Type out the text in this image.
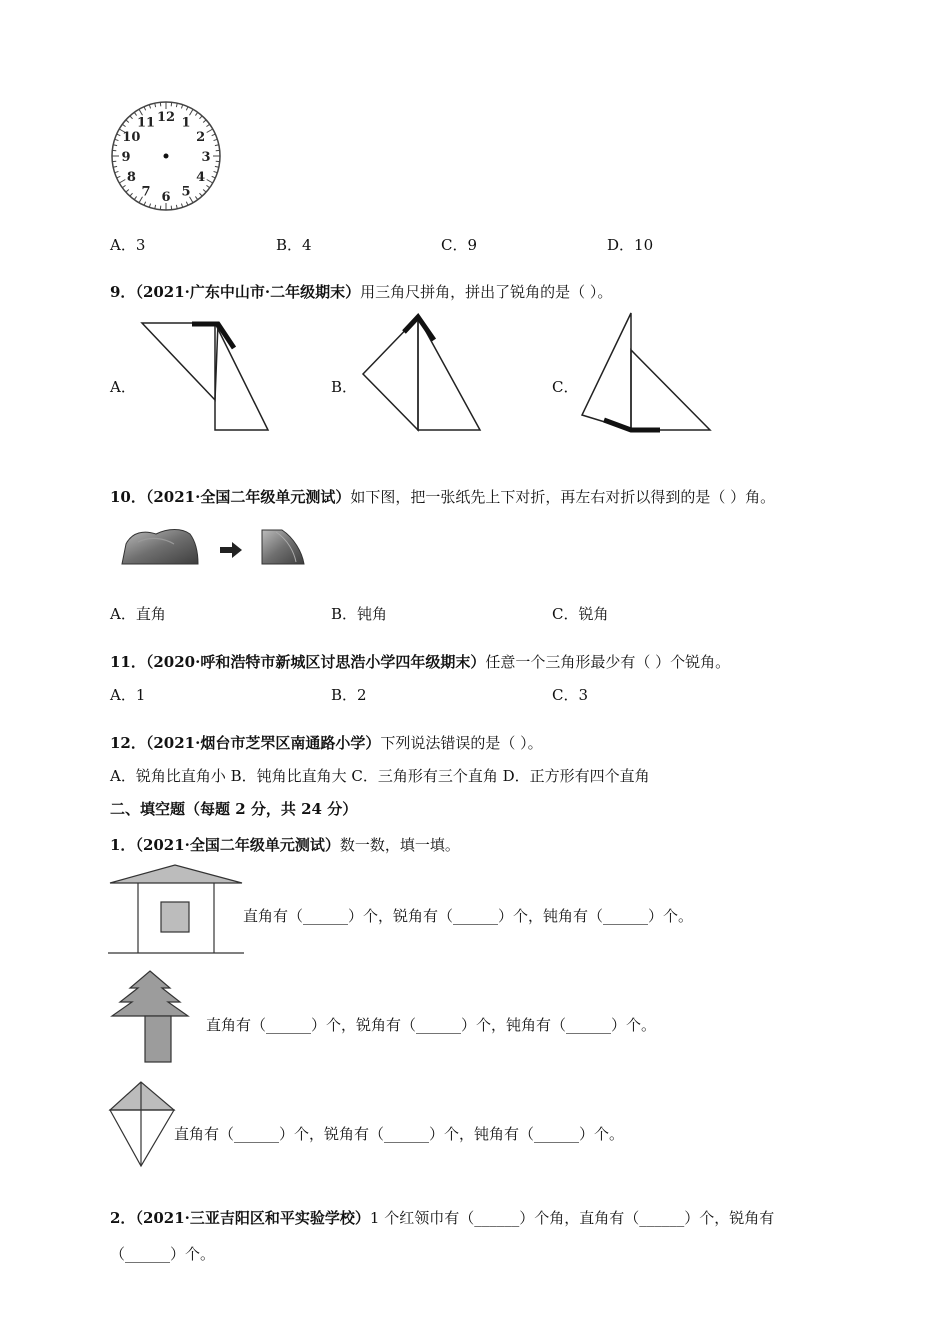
12 1
2
3
4
5
6
7
8
9
10
11
A．3	B．4	C．9	D．10
9．（2021·广东中山市·二年级期末）用三角尺拼角，拼出了锐角的是（ ）。
A．	B．	C．
10．（2021·全国二年级单元测试）如下图，把一张纸先上下对折，再左右对折以得到的是（ ）角。
A．直角	B．钝角	C．锐角
11．（2020·呼和浩特市新城区讨思浩小学四年级期末）任意一个三角形最少有（ ）个锐角。
A．1	B．2	C．3
12．（2021·烟台市芝罘区南通路小学）下列说法错误的是（ ）。
A．锐角比直角小 B．钝角比直角大 C．三角形有三个直角 D．正方形有四个直角
二、填空题（每题 2 分，共 24 分）
1．（2021·全国二年级单元测试）数一数，填一填。
直角有（______）个，锐角有（______）个，钝角有（______）个。
直角有（______）个，锐角有（______）个，钝角有（______）个。
直角有（______）个，锐角有（______）个，钝角有（______）个。
2．（2021·三亚吉阳区和平实验学校）1 个红领巾有（______）个角，直角有（______）个，锐角有
（______）个。
